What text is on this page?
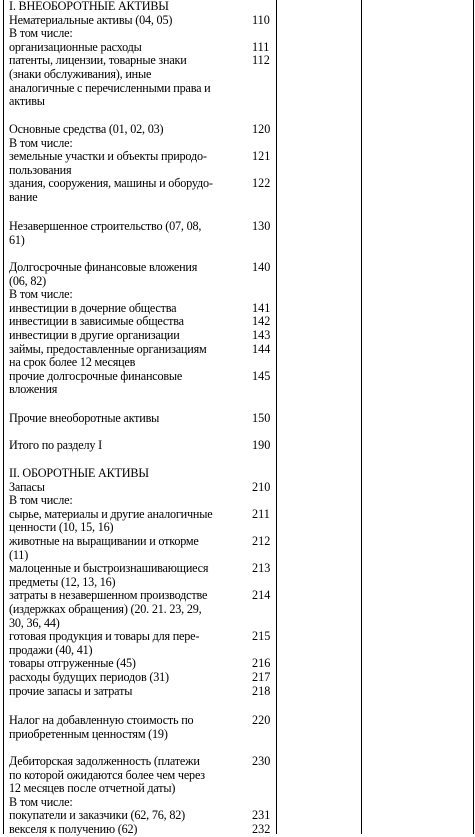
I. ВНЕОБОРОТНЫЕ АКТИВЫ
Нематериальные активы (04, 05)
В том числе:
организационные расходы
патенты, лицензии, товарные знаки
(знаки обслуживания), иные
аналогичные с перечисленными права и
активы

110

111
112
Основные средства (01, 02, 03)
В том числе:
земельные участки и объекты природо-
пользования
здания, сооружения, машины и оборудо-
вание
120

121

122
Незавершенное строительство (07, 08,
61)
130
Долгосрочные финансовые вложения
(06, 82)
В том числе:
инвестиции в дочерние общества
инвестиции в зависимые общества
инвестиции в другие организации
займы, предоставленные организациям
на срок более 12 месяцев
прочие долгосрочные финансовые
вложения
140

141
142
143
144

145
Прочие внеоборотные активы	150
Итого по разделу I	190
II. ОБОРОТНЫЕ АКТИВЫ
Запасы
В том числе:
сырье, материалы и другие аналогичные
ценности (10, 15, 16)
животные на выращивании и откорме
(11)
малоценные и быстроизнашивающиеся
предметы (12, 13, 16)
затраты в незавершенном производстве
(издержках обращения) (20. 21. 23, 29,
30, 36, 44)
готовая продукция и товары для пере-
продажи (40, 41)
товары отгруженные (45)
расходы будущих периодов (31)
прочие запасы и затраты

210

211

212

213

214

215

216
217
218
Налог на добавленную стоимость по
приобретенным ценностям (19)
220
Дебиторская задолженность (платежи
по которой ожидаются более чем через
12 месяцев после отчетной даты)
В том числе:
покупатели и заказчики (62, 76, 82)
векселя к получению (62)
230

231
232
